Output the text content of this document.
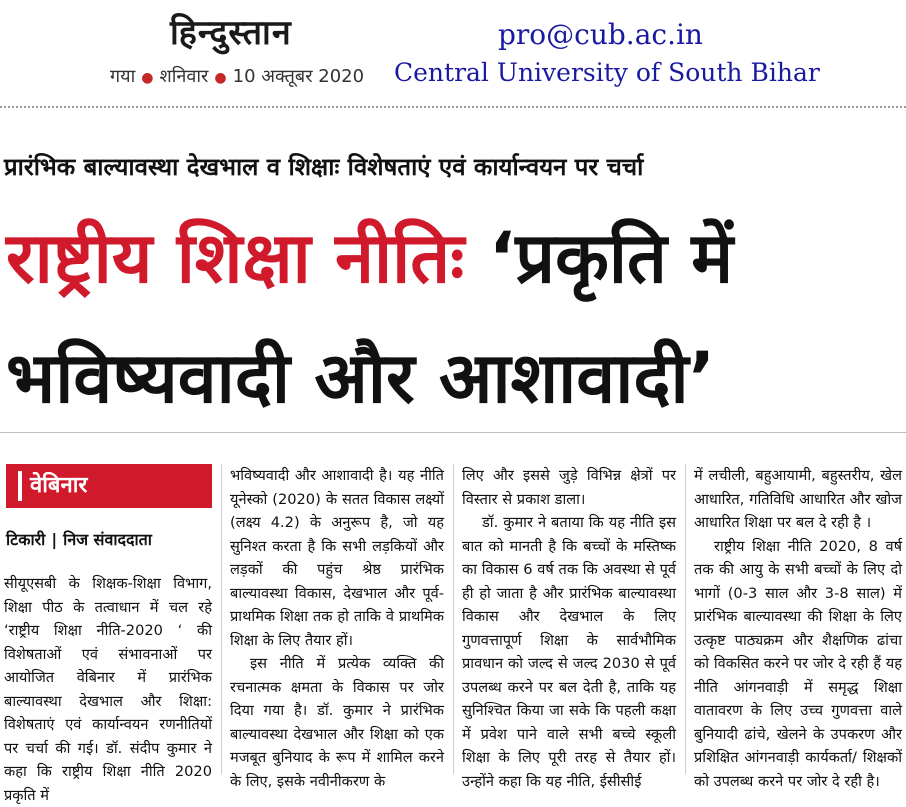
हिन्दुस्तान
गया ● शनिवार ● 10 अक्तूबर 2020
pro@cub.ac.in
Central University of South Bihar
प्रारंभिक बाल्यावस्था देखभाल व शिक्षाः विशेषताएं एवं कार्यान्वयन पर चर्चा
राष्ट्रीय शिक्षा नीतिः ‘प्रकृति में
भविष्यवादी और आशावादी’
वेबिनार
टिकारी | निज संवाददाता

सीयूएसबी के शिक्षक-शिक्षा विभाग, शिक्षा पीठ के तत्वाधान में चल रहे ‘राष्ट्रीय शिक्षा नीति-2020 ‘ की विशेषताओं एवं संभावनाओं पर आयोजित वेबिनार में प्रारंभिक बाल्यावस्था देखभाल और शिक्षा: विशेषताएं एवं कार्यान्वयन रणनीतियों पर चर्चा की गई। डॉ. संदीप कुमार ने कहा कि राष्ट्रीय शिक्षा नीति 2020 प्रकृति में

भविष्यवादी और आशावादी है। यह नीति यूनेस्को (2020) के सतत विकास लक्ष्यों (लक्ष्य 4.2) के अनुरूप है, जो यह सुनिश्त करता है कि सभी लड़कियों और लड़कों की पहुंच श्रेष्ठ प्रारंभिक बाल्यावस्था विकास, देखभाल और पूर्व-प्राथमिक शिक्षा तक हो ताकि वे प्राथमिक शिक्षा के लिए तैयार हों।

इस नीति में प्रत्येक व्यक्ति की रचनात्मक क्षमता के विकास पर जोर दिया गया है। डॉ. कुमार ने प्रारंभिक बाल्यावस्था देखभाल और शिक्षा को एक मजबूत बुनियाद के रूप में शामिल करने के लिए, इसके नवीनीकरण के

लिए और इससे जुड़े विभिन्न क्षेत्रों पर विस्तार से प्रकाश डाला।

डॉ. कुमार ने बताया कि यह नीति इस बात को मानती है कि बच्चों के मस्तिष्क का विकास 6 वर्ष तक कि अवस्था से पूर्व ही हो जाता है और प्रारंभिक बाल्यावस्था विकास और देखभाल के लिए गुणवत्तापूर्ण शिक्षा के सार्वभौमिक प्रावधान को जल्द से जल्द 2030 से पूर्व उपलब्ध करने पर बल देती है, ताकि यह सुनिश्चित किया जा सके कि पहली कक्षा में प्रवेश पाने वाले सभी बच्चे स्कूली शिक्षा के लिए पूरी तरह से तैयार हों। उन्होंने कहा कि यह नीति, ईसीसीई

में लचीली, बहुआयामी, बहुस्तरीय, खेल आधारित, गतिविधि आधारित और खोज आधारित शिक्षा पर बल दे रही है ।

राष्ट्रीय शिक्षा नीति 2020, 8 वर्ष तक की आयु के सभी बच्चों के लिए दो भागों (0-3 साल और 3-8 साल) में प्रारंभिक बाल्यावस्था की शिक्षा के लिए उत्कृष्ट पाठ्यक्रम और शैक्षणिक ढांचा को विकसित करने पर जोर दे रही हैं यह नीति आंगनवाड़ी में समृद्ध शिक्षा वातावरण के लिए उच्च गुणवत्ता वाले बुनियादी ढांचे, खेलने के उपकरण और प्रशिक्षित आंगनवाड़ी कार्यकर्ता/ शिक्षकों को उपलब्ध करने पर जोर दे रही है।
